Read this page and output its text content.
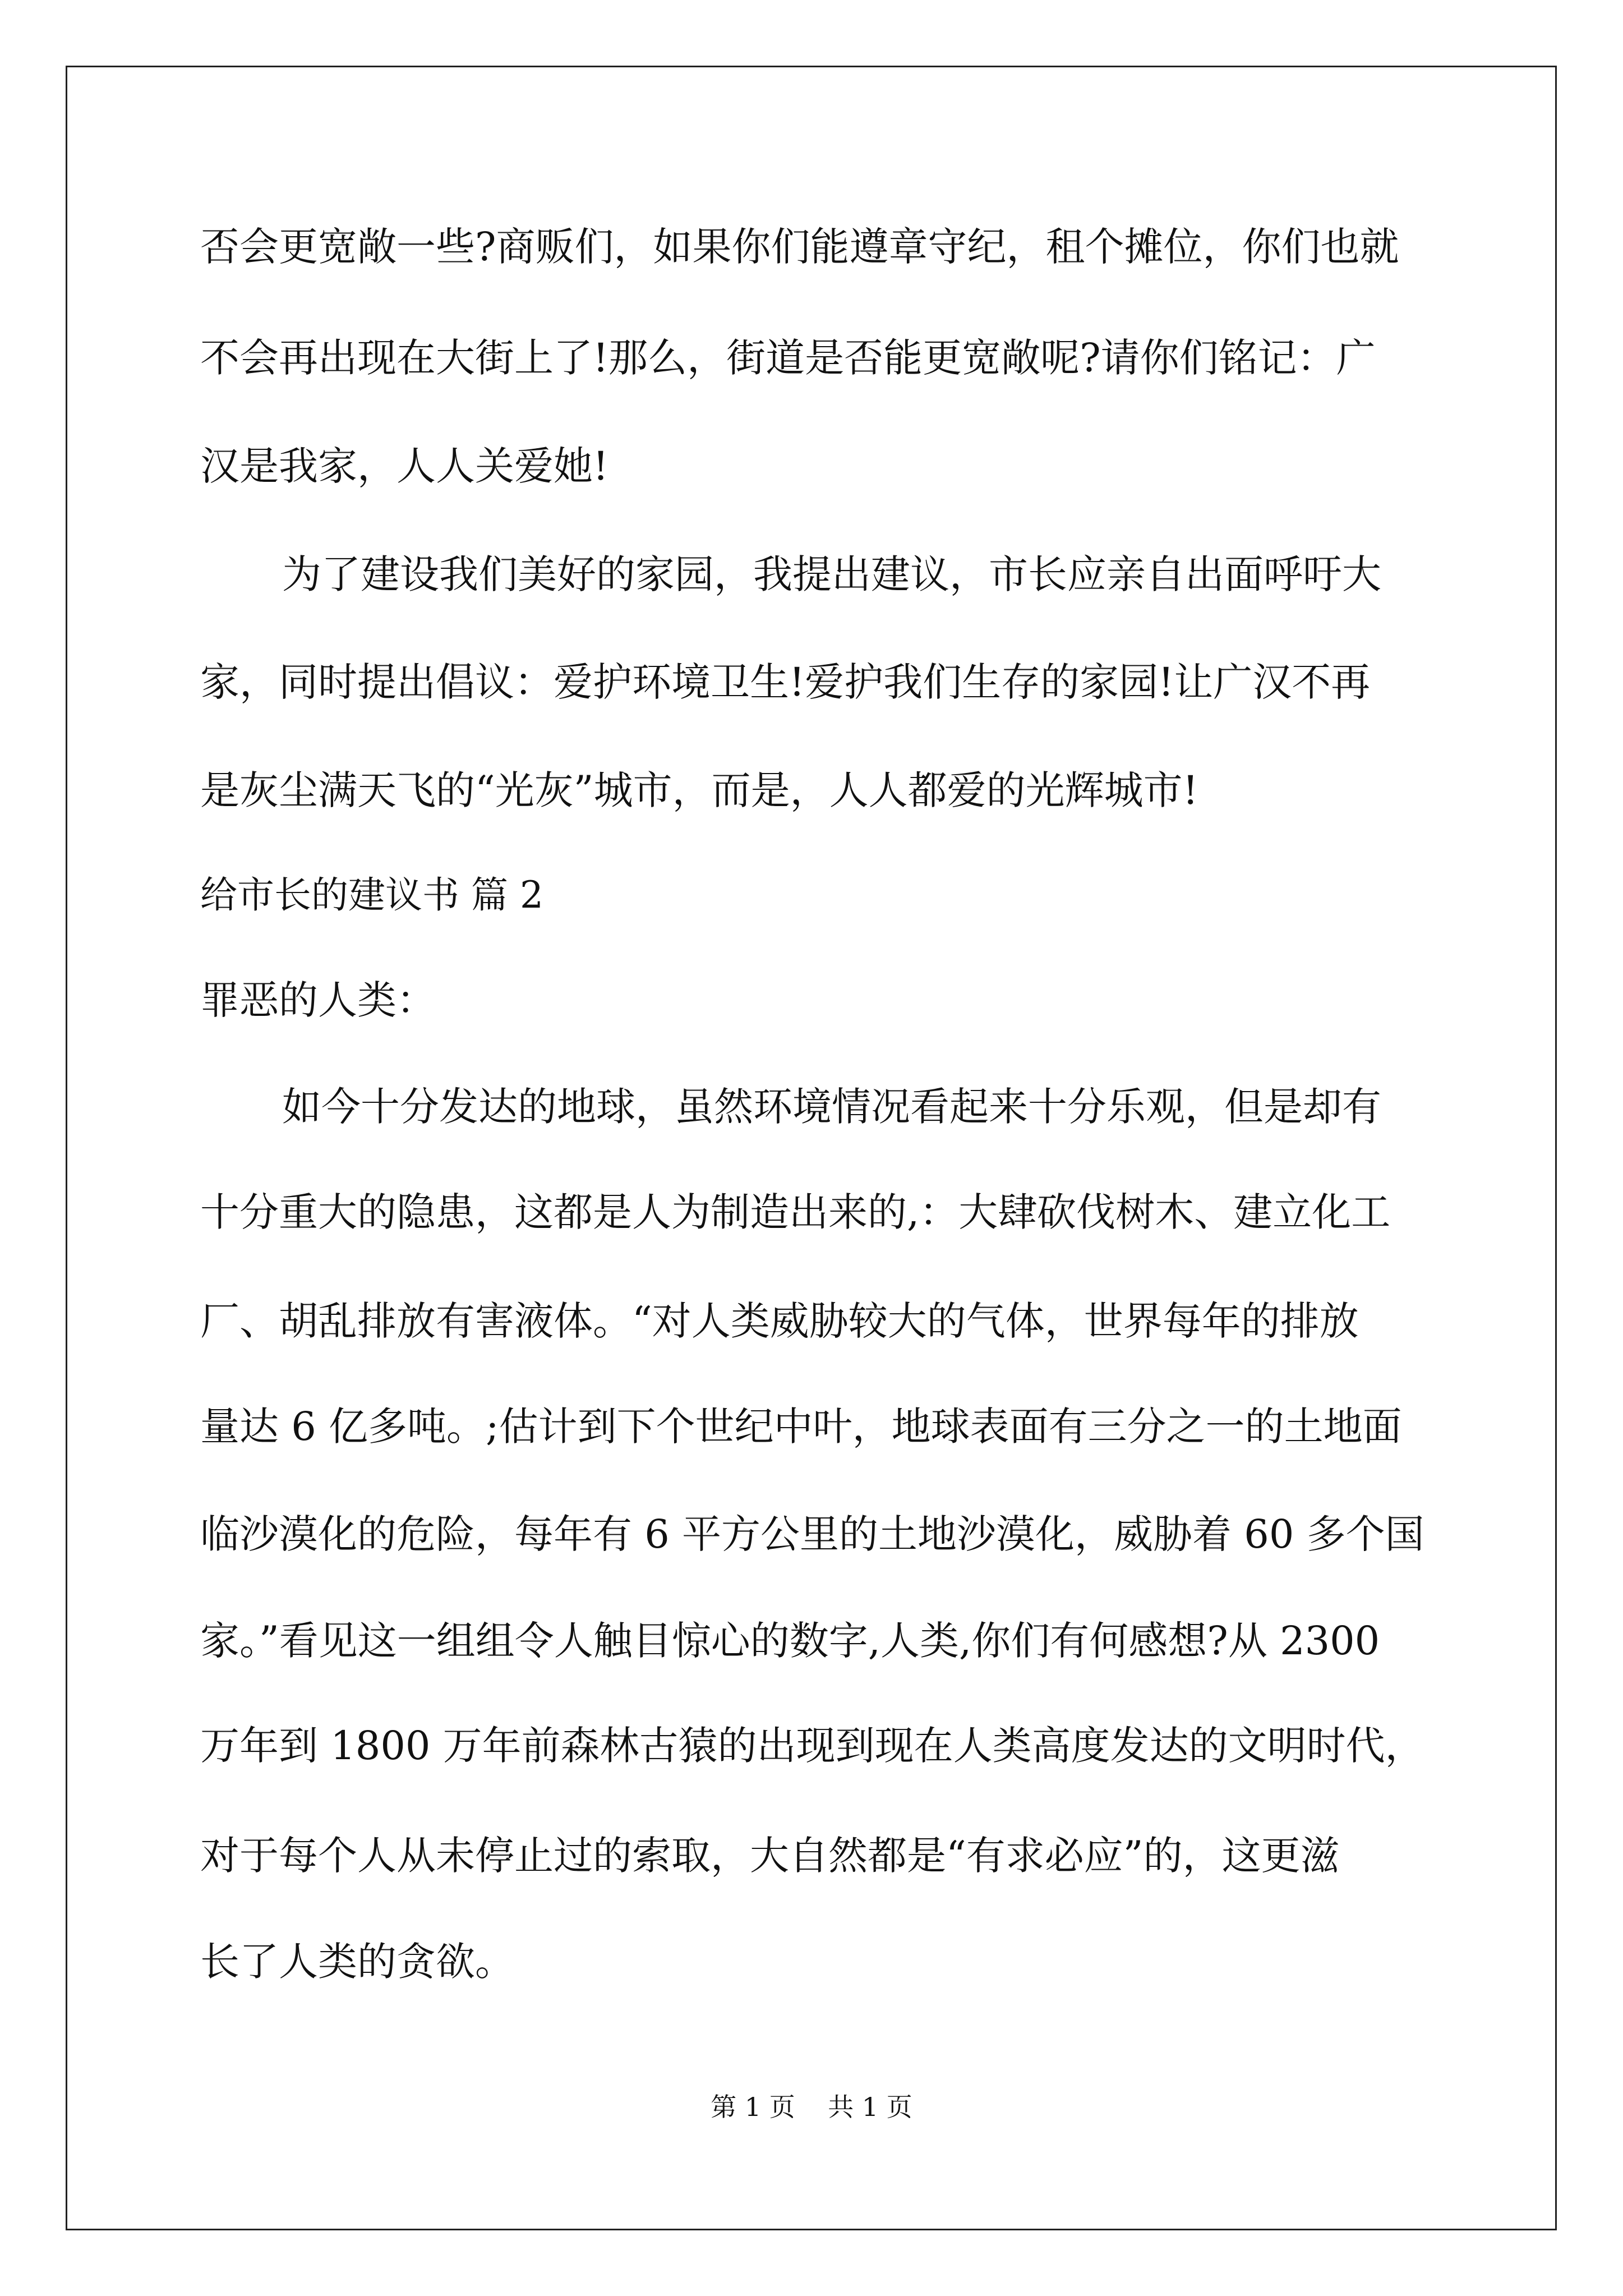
否会更宽敞一些?商贩们，如果你们能遵章守纪，租个摊位，你们也就

不会再出现在大街上了!那么，街道是否能更宽敞呢?请你们铭记：广

汉是我家，人人关爱她!

为了建设我们美好的家园，我提出建议，市长应亲自出面呼吁大

家，同时提出倡议：爱护环境卫生!爱护我们生存的家园!让广汉不再

是灰尘满天飞的“光灰”城市，而是，人人都爱的光辉城市!

给市长的建议书 篇 2

罪恶的人类：

如今十分发达的地球，虽然环境情况看起来十分乐观，但是却有

十分重大的隐患，这都是人为制造出来的,：大肆砍伐树木、建立化工

厂、胡乱排放有害液体。“对人类威胁较大的气体，世界每年的排放

量达 6 亿多吨。;估计到下个世纪中叶，地球表面有三分之一的土地面

临沙漠化的危险，每年有 6 平方公里的土地沙漠化，威胁着 60 多个国

家。”看见这一组组令人触目惊心的数字,人类,你们有何感想?从 2300

万年到 1800 万年前森林古猿的出现到现在人类高度发达的文明时代，

对于每个人从未停止过的索取，大自然都是“有求必应”的，这更滋

长了人类的贪欲。

第 1 页    共 1 页
